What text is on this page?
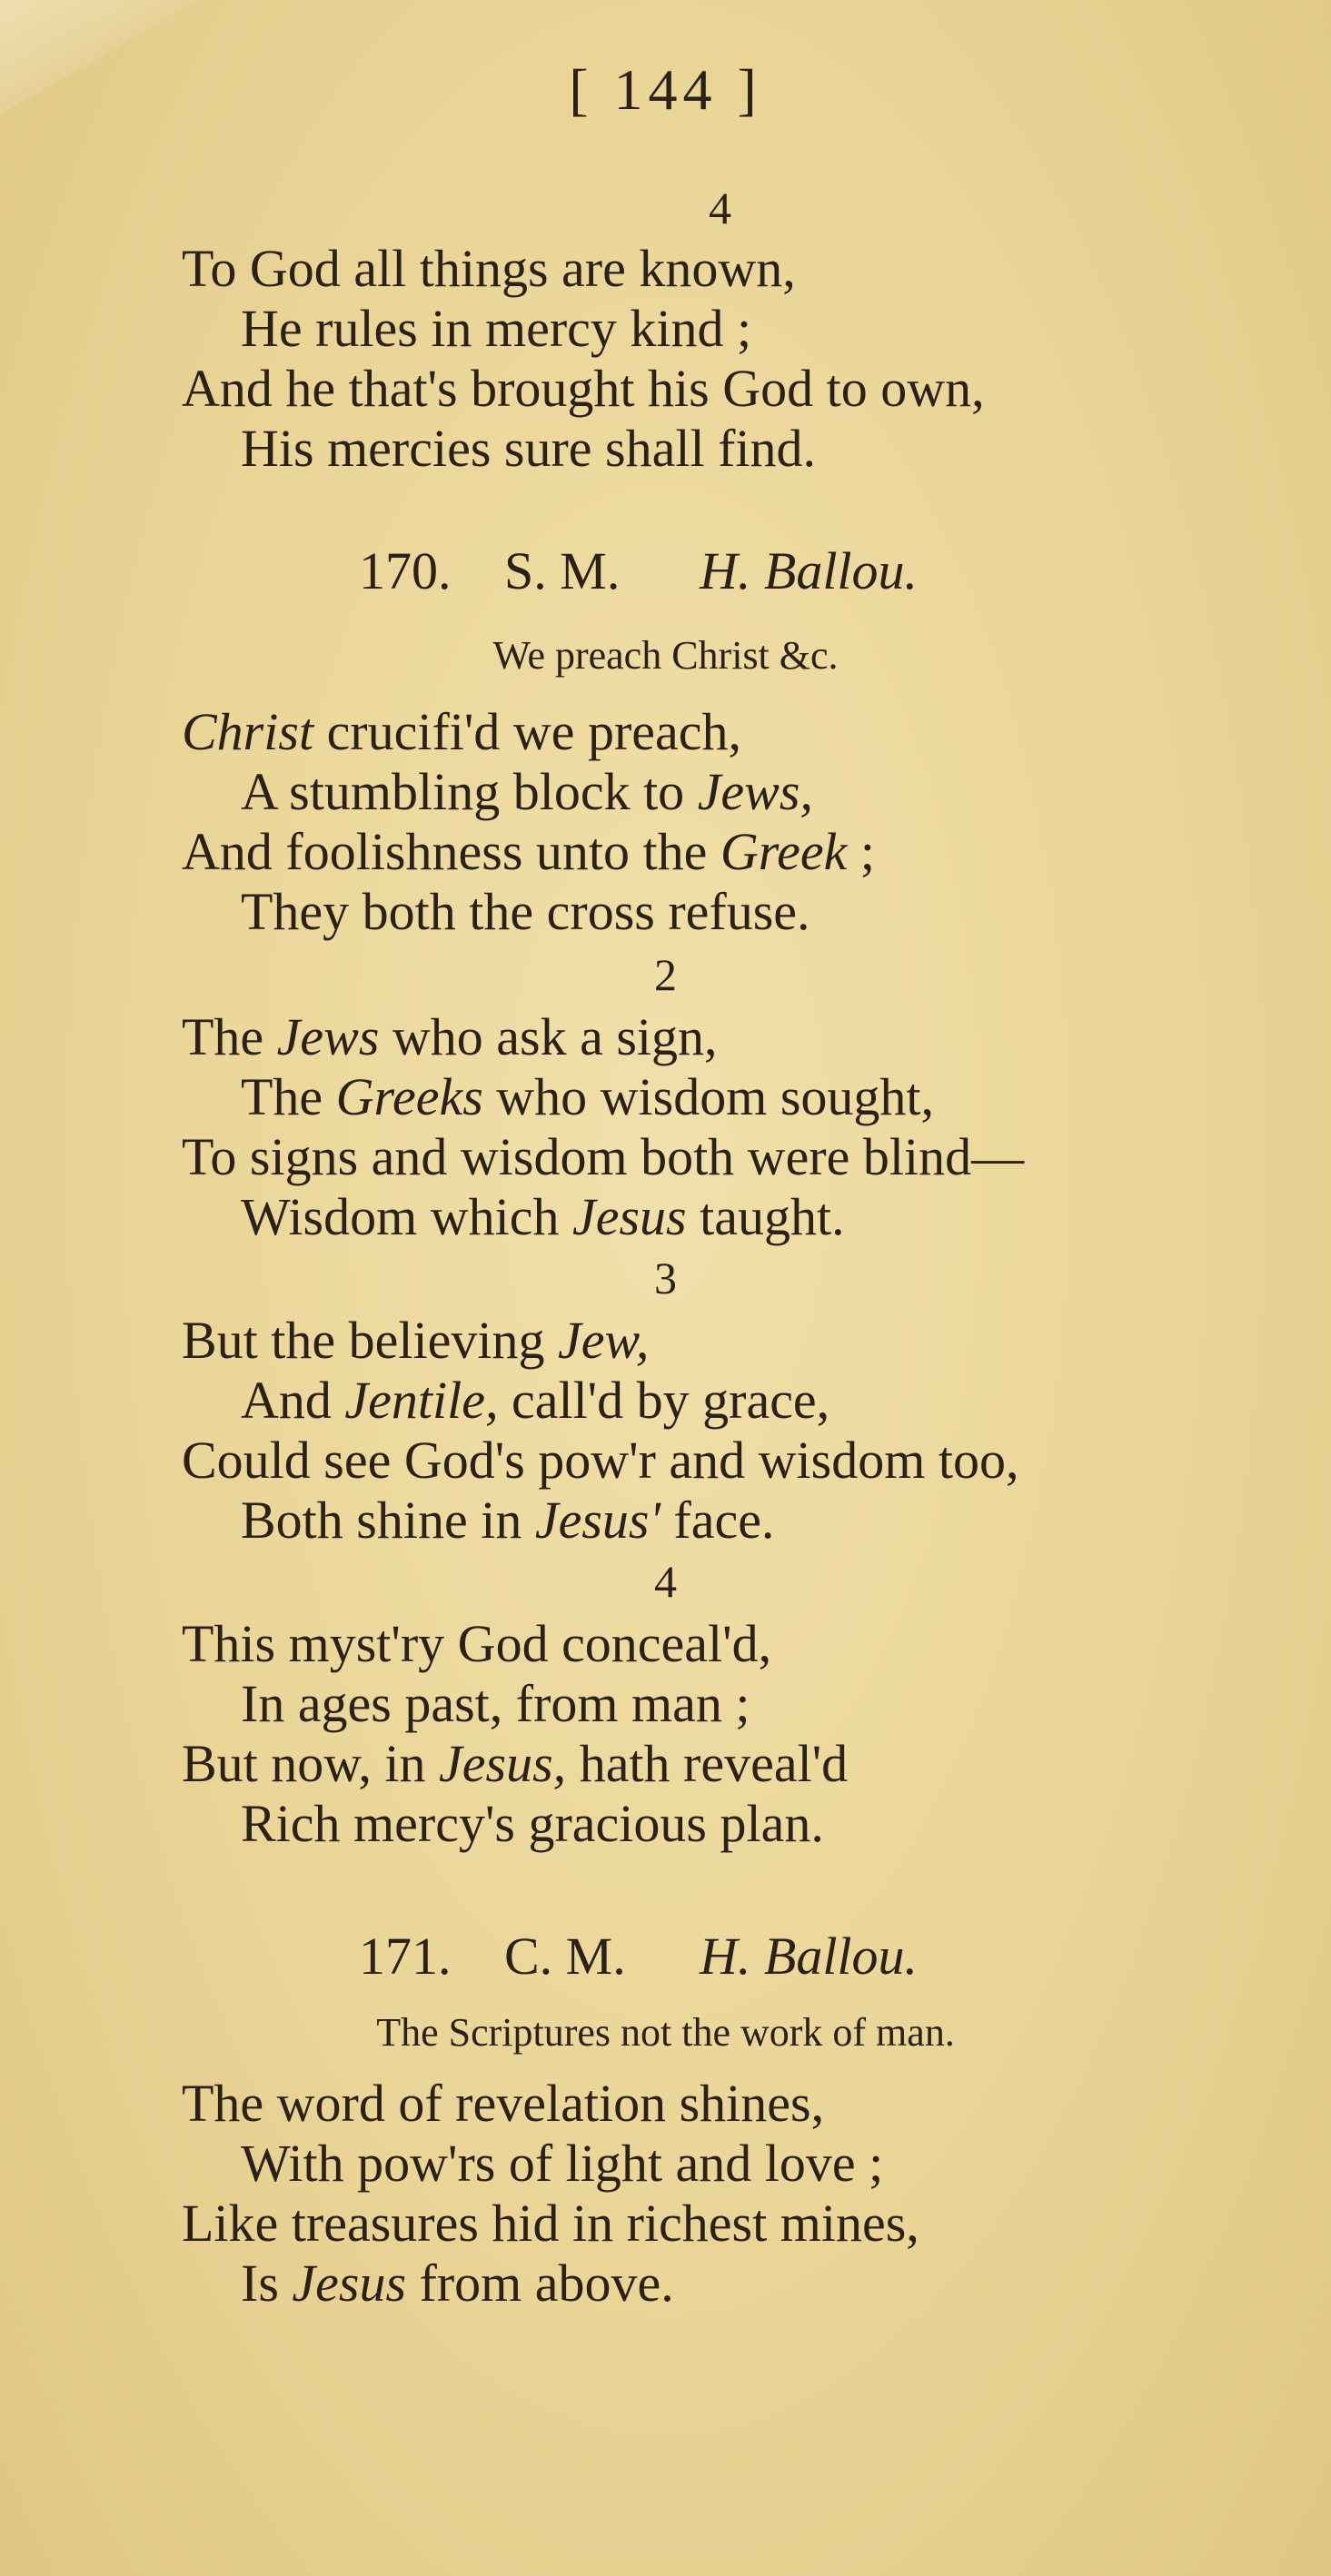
[ 144 ]
4
To God all things are known,
He rules in mercy kind ;
And he that's brought his God to own,
His mercies sure shall find.
170. S. M. H. Ballou.
We preach Christ &c.
Christ crucifi'd we preach,
A stumbling block to Jews,
And foolishness unto the Greek ;
They both the cross refuse.
2
The Jews who ask a sign,
The Greeks who wisdom sought,
To signs and wisdom both were blind—
Wisdom which Jesus taught.
3
But the believing Jew,
And Jentile, call'd by grace,
Could see God's pow'r and wisdom too,
Both shine in Jesus' face.
4
This myst'ry God conceal'd,
In ages past, from man ;
But now, in Jesus, hath reveal'd
Rich mercy's gracious plan.
171. C. M. H. Ballou.
The Scriptures not the work of man.
The word of revelation shines,
With pow'rs of light and love ;
Like treasures hid in richest mines,
Is Jesus from above.
